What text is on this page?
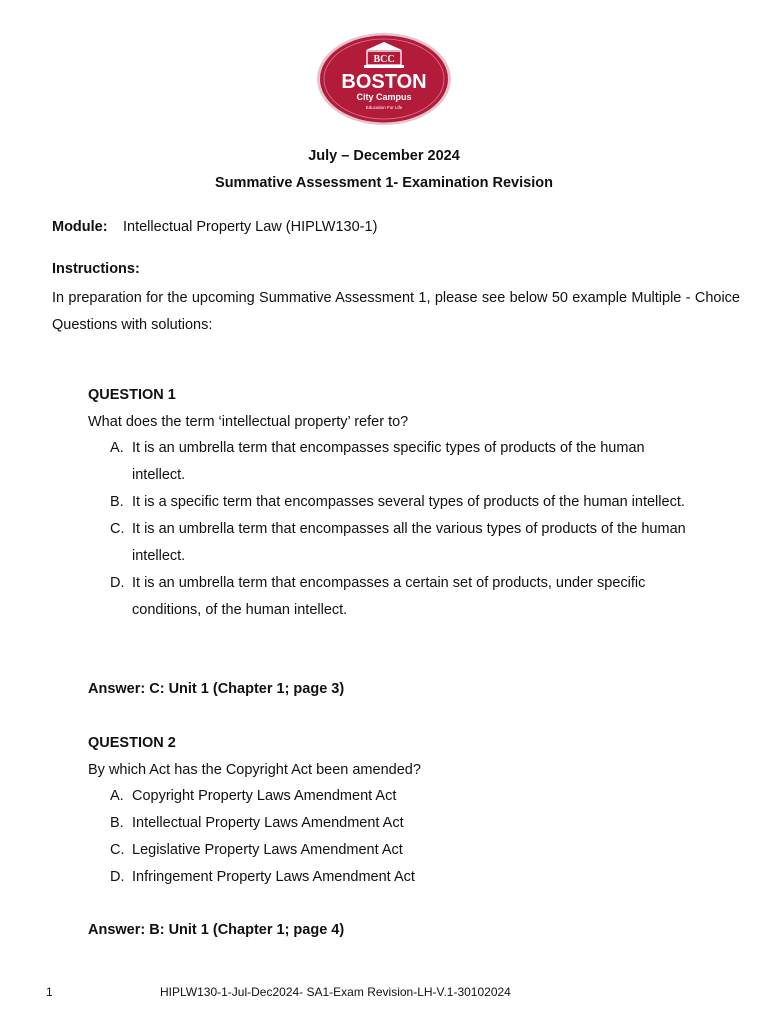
BCC
BOSTON
City Campus
Education For Life
July – December 2024
Summative Assessment 1- Examination Revision
Module: Intellectual Property Law (HIPLW130-1)
Instructions:
In preparation for the upcoming Summative Assessment 1, please see below 50 example Multiple - Choice Questions with solutions:
QUESTION 1
What does the term ‘intellectual property’ refer to?
A. It is an umbrella term that encompasses specific types of products of the human intellect.
B. It is a specific term that encompasses several types of products of the human intellect.
C. It is an umbrella term that encompasses all the various types of products of the human intellect.
D. It is an umbrella term that encompasses a certain set of products, under specific conditions, of the human intellect.
Answer: C: Unit 1 (Chapter 1; page 3)
QUESTION 2
By which Act has the Copyright Act been amended?
A. Copyright Property Laws Amendment Act
B. Intellectual Property Laws Amendment Act
C. Legislative Property Laws Amendment Act
D. Infringement Property Laws Amendment Act
Answer: B: Unit 1 (Chapter 1; page 4)
1	HIPLW130-1-Jul-Dec2024- SA1-Exam Revision-LH-V.1-30102024
